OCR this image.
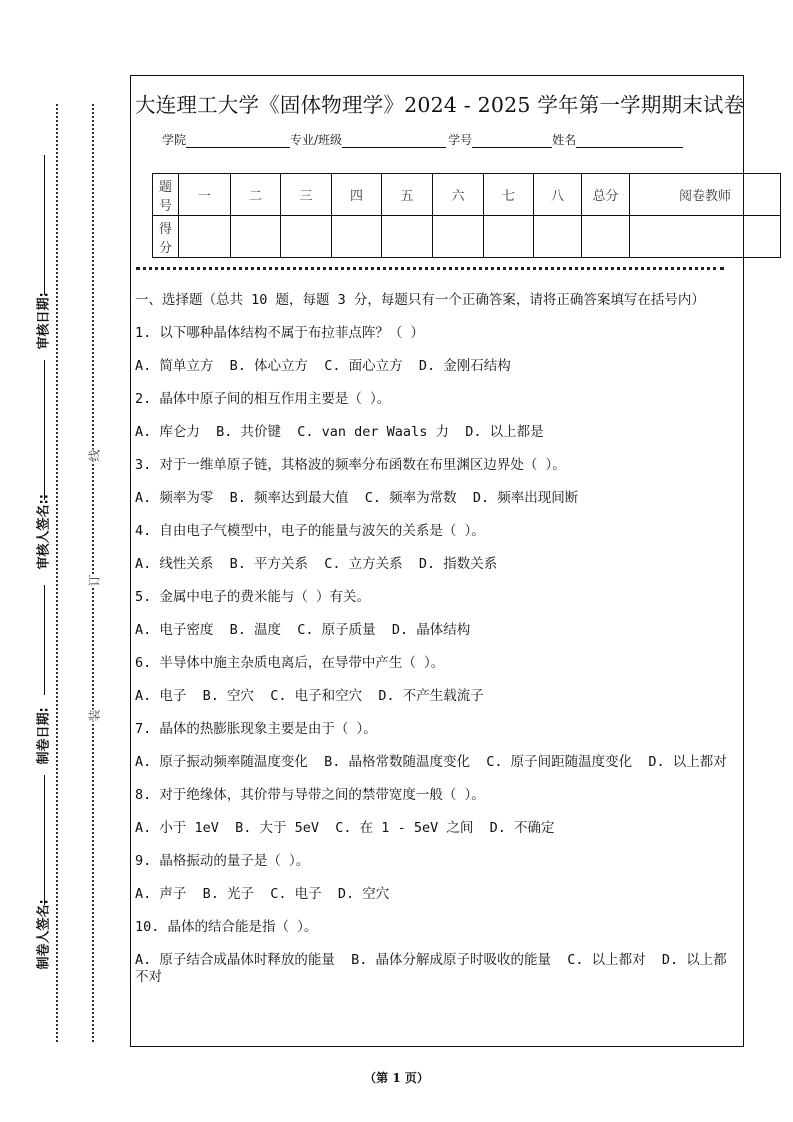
审核日期:
审核人签名::
制卷日期:
制卷人签名:
线
订
装
大连理工大学《固体物理学》2024 - 2025 学年第一学期期末试卷
学院	专业/班级	学号	姓名
题号	一	二	三	四	五	六	七	八	总分	阅卷教师
得分										

一、选择题（总共 10 题，每题 3 分，每题只有一个正确答案，请将正确答案填写在括号内）

1. 以下哪种晶体结构不属于布拉菲点阵？（ ）

A. 简单立方  B. 体心立方  C. 面心立方  D. 金刚石结构

2. 晶体中原子间的相互作用主要是（ ）。

A. 库仑力  B. 共价键  C. van der Waals 力  D. 以上都是

3. 对于一维单原子链，其格波的频率分布函数在布里渊区边界处（ ）。

A. 频率为零  B. 频率达到最大值  C. 频率为常数  D. 频率出现间断

4. 自由电子气模型中，电子的能量与波矢的关系是（ ）。

A. 线性关系  B. 平方关系  C. 立方关系  D. 指数关系

5. 金属中电子的费米能与（ ）有关。

A. 电子密度  B. 温度  C. 原子质量  D. 晶体结构

6. 半导体中施主杂质电离后，在导带中产生（ ）。

A. 电子  B. 空穴  C. 电子和空穴  D. 不产生载流子

7. 晶体的热膨胀现象主要是由于（ ）。

A. 原子振动频率随温度变化  B. 晶格常数随温度变化  C. 原子间距随温度变化  D. 以上都对

8. 对于绝缘体，其价带与导带之间的禁带宽度一般（ ）。

A. 小于 1eV  B. 大于 5eV  C. 在 1 - 5eV 之间  D. 不确定

9. 晶格振动的量子是（ ）。

A. 声子  B. 光子  C. 电子  D. 空穴

10. 晶体的结合能是指（ ）。

A. 原子结合成晶体时释放的能量  B. 晶体分解成原子时吸收的能量  C. 以上都对  D. 以上都不对

（第 1 页）
